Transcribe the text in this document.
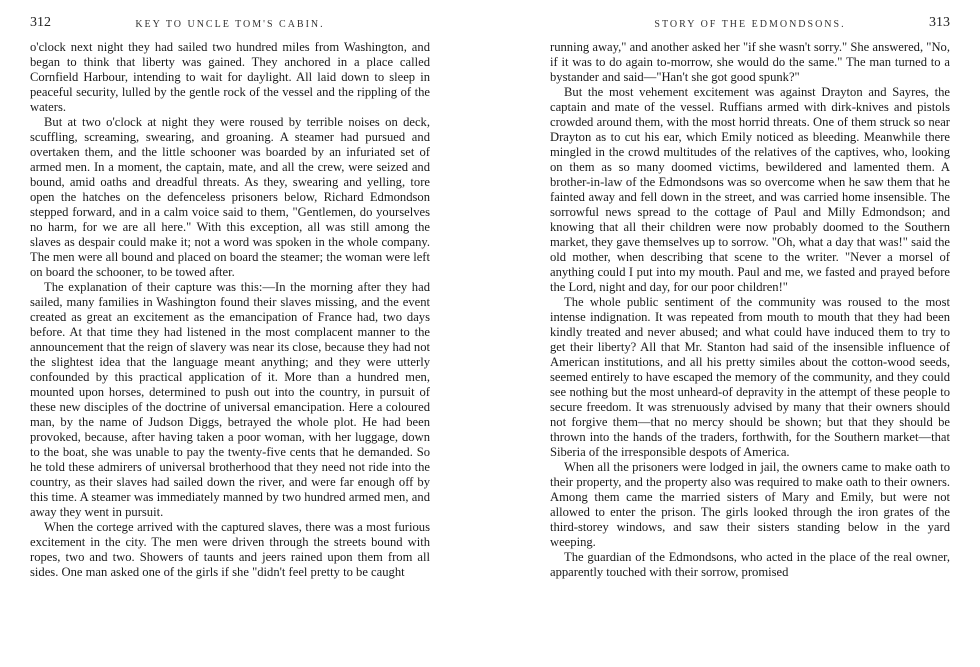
312	KEY TO UNCLE TOM'S CABIN.

o'clock next night they had sailed two hundred miles from Washington, and began to think that liberty was gained. They anchored in a place called Cornfield Harbour, intending to wait for daylight. All laid down to sleep in peaceful security, lulled by the gentle rock of the vessel and the rippling of the waters.

But at two o'clock at night they were roused by terrible noises on deck, scuffling, screaming, swearing, and groaning. A steamer had pursued and overtaken them, and the little schooner was boarded by an infuriated set of armed men. In a moment, the captain, mate, and all the crew, were seized and bound, amid oaths and dreadful threats. As they, swearing and yelling, tore open the hatches on the defenceless prisoners below, Richard Edmondson stepped forward, and in a calm voice said to them, "Gentlemen, do yourselves no harm, for we are all here." With this exception, all was still among the slaves as despair could make it; not a word was spoken in the whole company. The men were all bound and placed on board the steamer; the woman were left on board the schooner, to be towed after.

The explanation of their capture was this:—In the morning after they had sailed, many families in Washington found their slaves missing, and the event created as great an excitement as the emancipation of France had, two days before. At that time they had listened in the most complacent manner to the announcement that the reign of slavery was near its close, because they had not the slightest idea that the language meant anything; and they were utterly confounded by this practical application of it. More than a hundred men, mounted upon horses, determined to push out into the country, in pursuit of these new disciples of the doctrine of universal emancipation. Here a coloured man, by the name of Judson Diggs, betrayed the whole plot. He had been provoked, because, after having taken a poor woman, with her luggage, down to the boat, she was unable to pay the twenty-five cents that he demanded. So he told these admirers of universal brotherhood that they need not ride into the country, as their slaves had sailed down the river, and were far enough off by this time. A steamer was immediately manned by two hundred armed men, and away they went in pursuit.

When the cortege arrived with the captured slaves, there was a most furious excitement in the city. The men were driven through the streets bound with ropes, two and two. Showers of taunts and jeers rained upon them from all sides. One man asked one of the girls if she "didn't feel pretty to be caught

STORY OF THE EDMONDSONS.	313

running away," and another asked her "if she wasn't sorry." She answered, "No, if it was to do again to-morrow, she would do the same." The man turned to a bystander and said—"Han't she got good spunk?"

But the most vehement excitement was against Drayton and Sayres, the captain and mate of the vessel. Ruffians armed with dirk-knives and pistols crowded around them, with the most horrid threats. One of them struck so near Drayton as to cut his ear, which Emily noticed as bleeding. Meanwhile there mingled in the crowd multitudes of the relatives of the captives, who, looking on them as so many doomed victims, bewildered and lamented them. A brother-in-law of the Edmondsons was so overcome when he saw them that he fainted away and fell down in the street, and was carried home insensible. The sorrowful news spread to the cottage of Paul and Milly Edmondson; and knowing that all their children were now probably doomed to the Southern market, they gave themselves up to sorrow. "Oh, what a day that was!" said the old mother, when describing that scene to the writer. "Never a morsel of anything could I put into my mouth. Paul and me, we fasted and prayed before the Lord, night and day, for our poor children!"

The whole public sentiment of the community was roused to the most intense indignation. It was repeated from mouth to mouth that they had been kindly treated and never abused; and what could have induced them to try to get their liberty? All that Mr. Stanton had said of the insensible influence of American institutions, and all his pretty similes about the cotton-wood seeds, seemed entirely to have escaped the memory of the community, and they could see nothing but the most unheard-of depravity in the attempt of these people to secure freedom. It was strenuously advised by many that their owners should not forgive them—that no mercy should be shown; but that they should be thrown into the hands of the traders, forthwith, for the Southern market—that Siberia of the irresponsible despots of America.

When all the prisoners were lodged in jail, the owners came to make oath to their property, and the property also was required to make oath to their owners. Among them came the married sisters of Mary and Emily, but were not allowed to enter the prison. The girls looked through the iron grates of the third-storey windows, and saw their sisters standing below in the yard weeping.

The guardian of the Edmondsons, who acted in the place of the real owner, apparently touched with their sorrow, promised
